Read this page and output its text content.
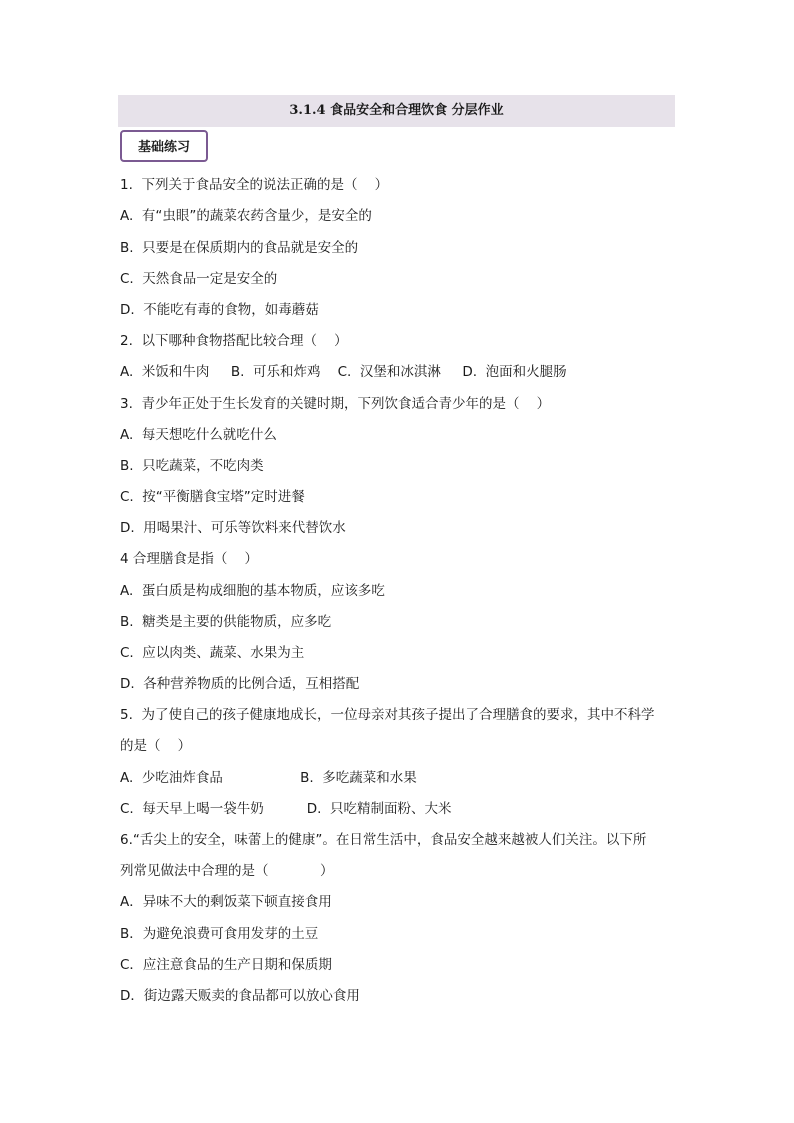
3.1.4 食品安全和合理饮食 分层作业
基础练习
1.  下列关于食品安全的说法正确的是（    ）
A.  有“虫眼”的蔬菜农药含量少，是安全的
B.  只要是在保质期内的食品就是安全的
C.  天然食品一定是安全的
D.  不能吃有毒的食物，如毒蘑菇
2.  以下哪种食物搭配比较合理（    ）
A.  米饭和牛肉     B.  可乐和炸鸡    C.  汉堡和冰淇淋     D.  泡面和火腿肠
3.  青少年正处于生长发育的关键时期，下列饮食适合青少年的是（    ）
A.  每天想吃什么就吃什么
B.  只吃蔬菜，不吃肉类
C.  按“平衡膳食宝塔”定时进餐
D.  用喝果汁、可乐等饮料来代替饮水
4 合理膳食是指（    ）
A.  蛋白质是构成细胞的基本物质，应该多吃
B.  糖类是主要的供能物质，应多吃
C.  应以肉类、蔬菜、水果为主
D.  各种营养物质的比例合适，互相搭配
5.  为了使自己的孩子健康地成长，一位母亲对其孩子提出了合理膳食的要求，其中不科学
的是（    ）
A.  少吃油炸食品                  B.  多吃蔬菜和水果
C.  每天早上喝一袋牛奶          D.  只吃精制面粉、大米
6.“舌尖上的安全，味蕾上的健康”。在日常生活中，食品安全越来越被人们关注。以下所
列常见做法中合理的是（            ）
A．异味不大的剩饭菜下顿直接食用
B．为避免浪费可食用发芽的土豆
C．应注意食品的生产日期和保质期
D．街边露天贩卖的食品都可以放心食用
